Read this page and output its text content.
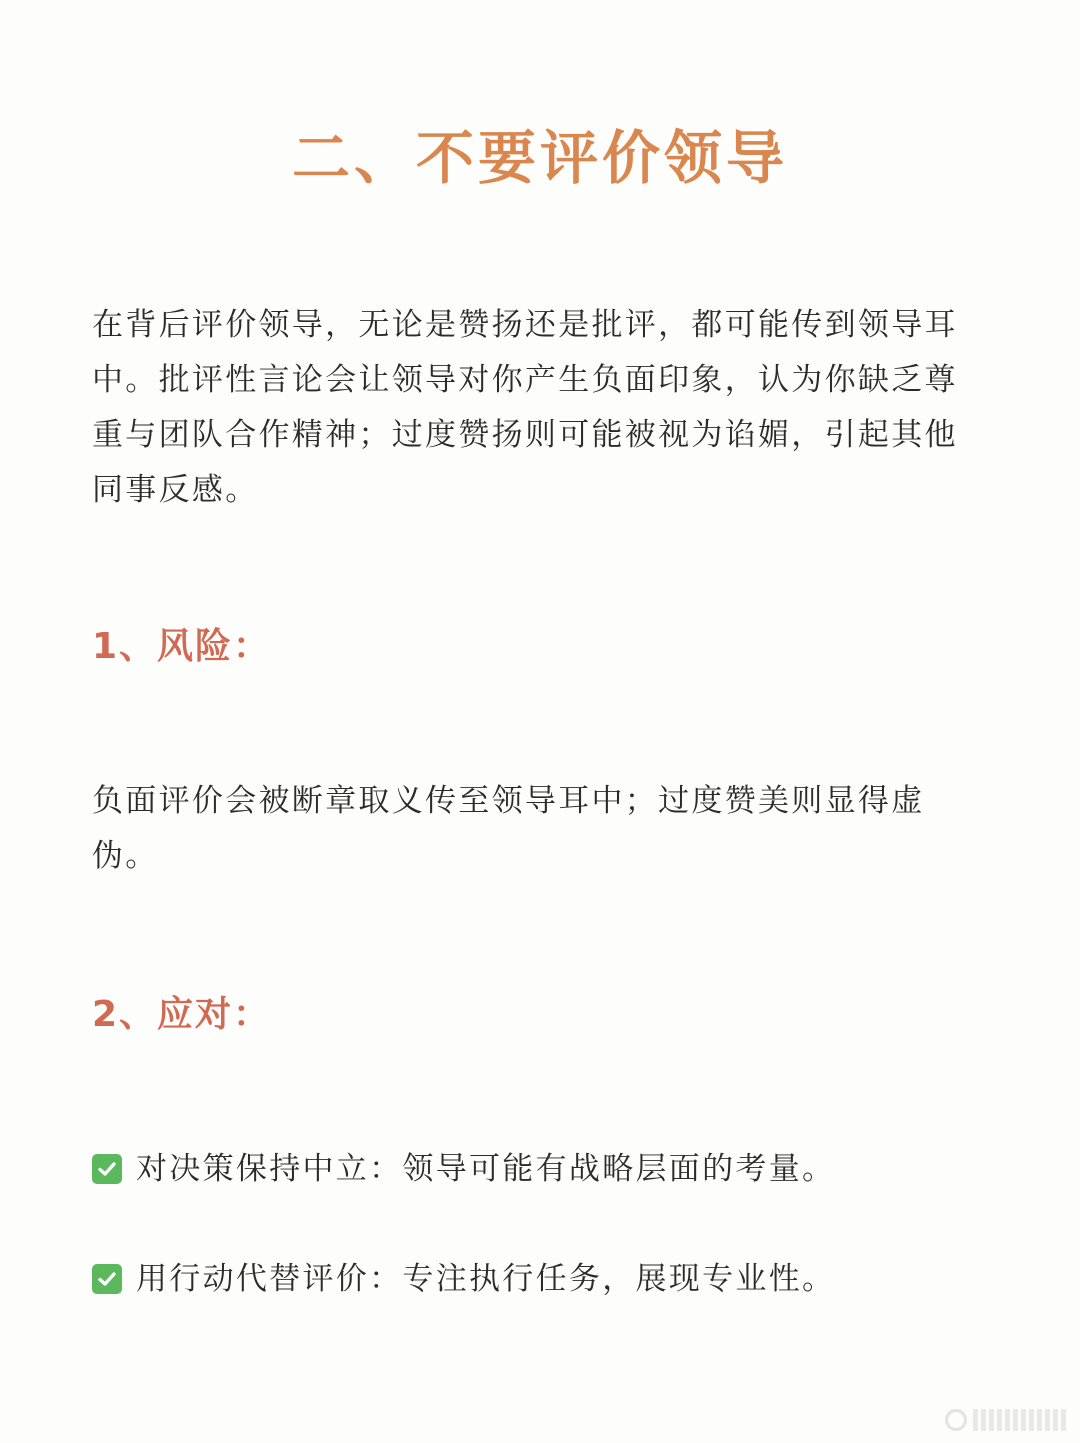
二、不要评价领导

在背后评价领导，无论是赞扬还是批评，都可能传到领导耳中。批评性言论会让领导对你产生负面印象，认为你缺乏尊重与团队合作精神；过度赞扬则可能被视为谄媚，引起其他同事反感。

1、风险：

负面评价会被断章取义传至领导耳中；过度赞美则显得虚伪。

2、应对：
对决策保持中立：领导可能有战略层面的考量。
用行动代替评价：专注执行任务，展现专业性。
